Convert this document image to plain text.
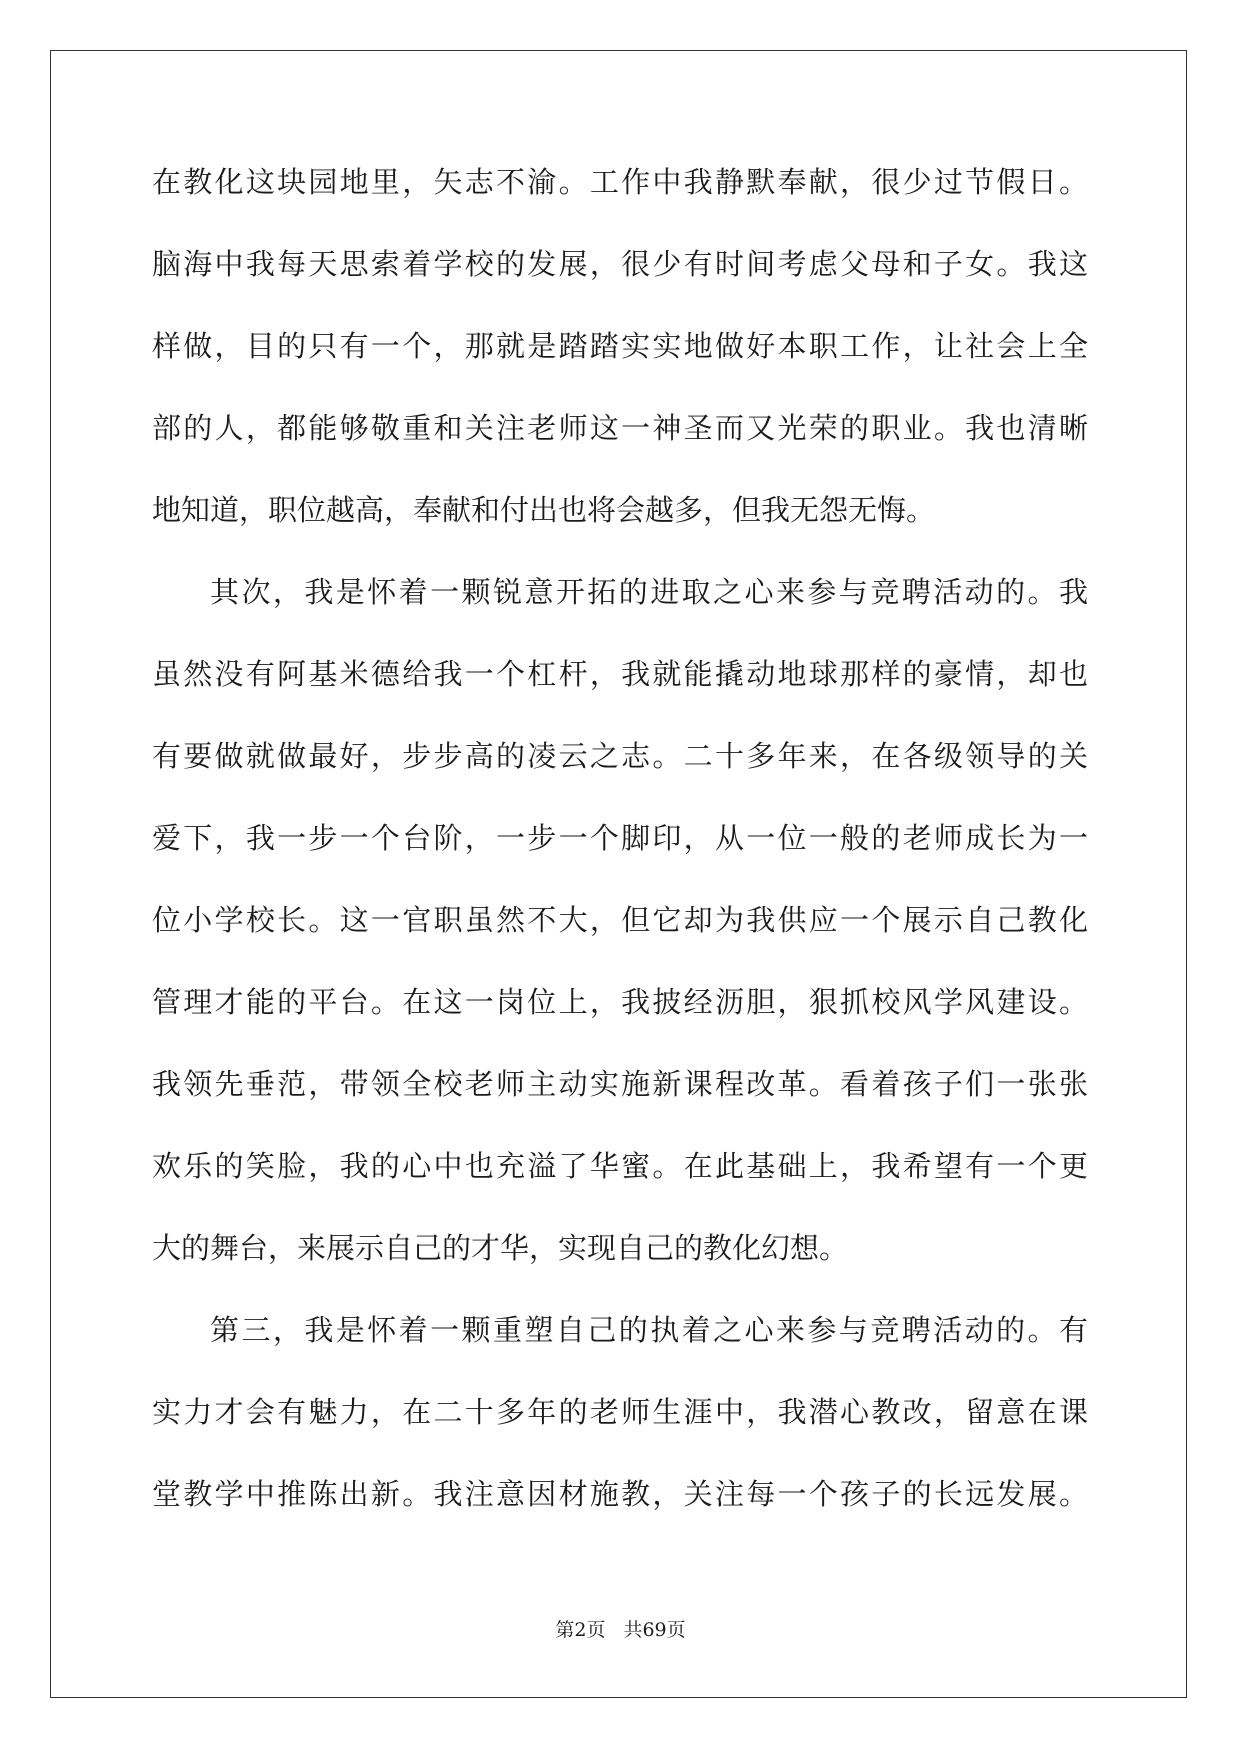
在教化这块园地里，矢志不渝。工作中我静默奉献，很少过节假日。
脑海中我每天思索着学校的发展，很少有时间考虑父母和子女。我这
样做，目的只有一个，那就是踏踏实实地做好本职工作，让社会上全
部的人，都能够敬重和关注老师这一神圣而又光荣的职业。我也清晰
地知道，职位越高，奉献和付出也将会越多，但我无怨无悔。
其次，我是怀着一颗锐意开拓的进取之心来参与竞聘活动的。我
虽然没有阿基米德给我一个杠杆，我就能撬动地球那样的豪情，却也
有要做就做最好，步步高的凌云之志。二十多年来，在各级领导的关
爱下，我一步一个台阶，一步一个脚印，从一位一般的老师成长为一
位小学校长。这一官职虽然不大，但它却为我供应一个展示自己教化
管理才能的平台。在这一岗位上，我披经沥胆，狠抓校风学风建设。
我领先垂范，带领全校老师主动实施新课程改革。看着孩子们一张张
欢乐的笑脸，我的心中也充溢了华蜜。在此基础上，我希望有一个更
大的舞台，来展示自己的才华，实现自己的教化幻想。
第三，我是怀着一颗重塑自己的执着之心来参与竞聘活动的。有
实力才会有魅力，在二十多年的老师生涯中，我潜心教改，留意在课
堂教学中推陈出新。我注意因材施教，关注每一个孩子的长远发展。
第2页 共69页
